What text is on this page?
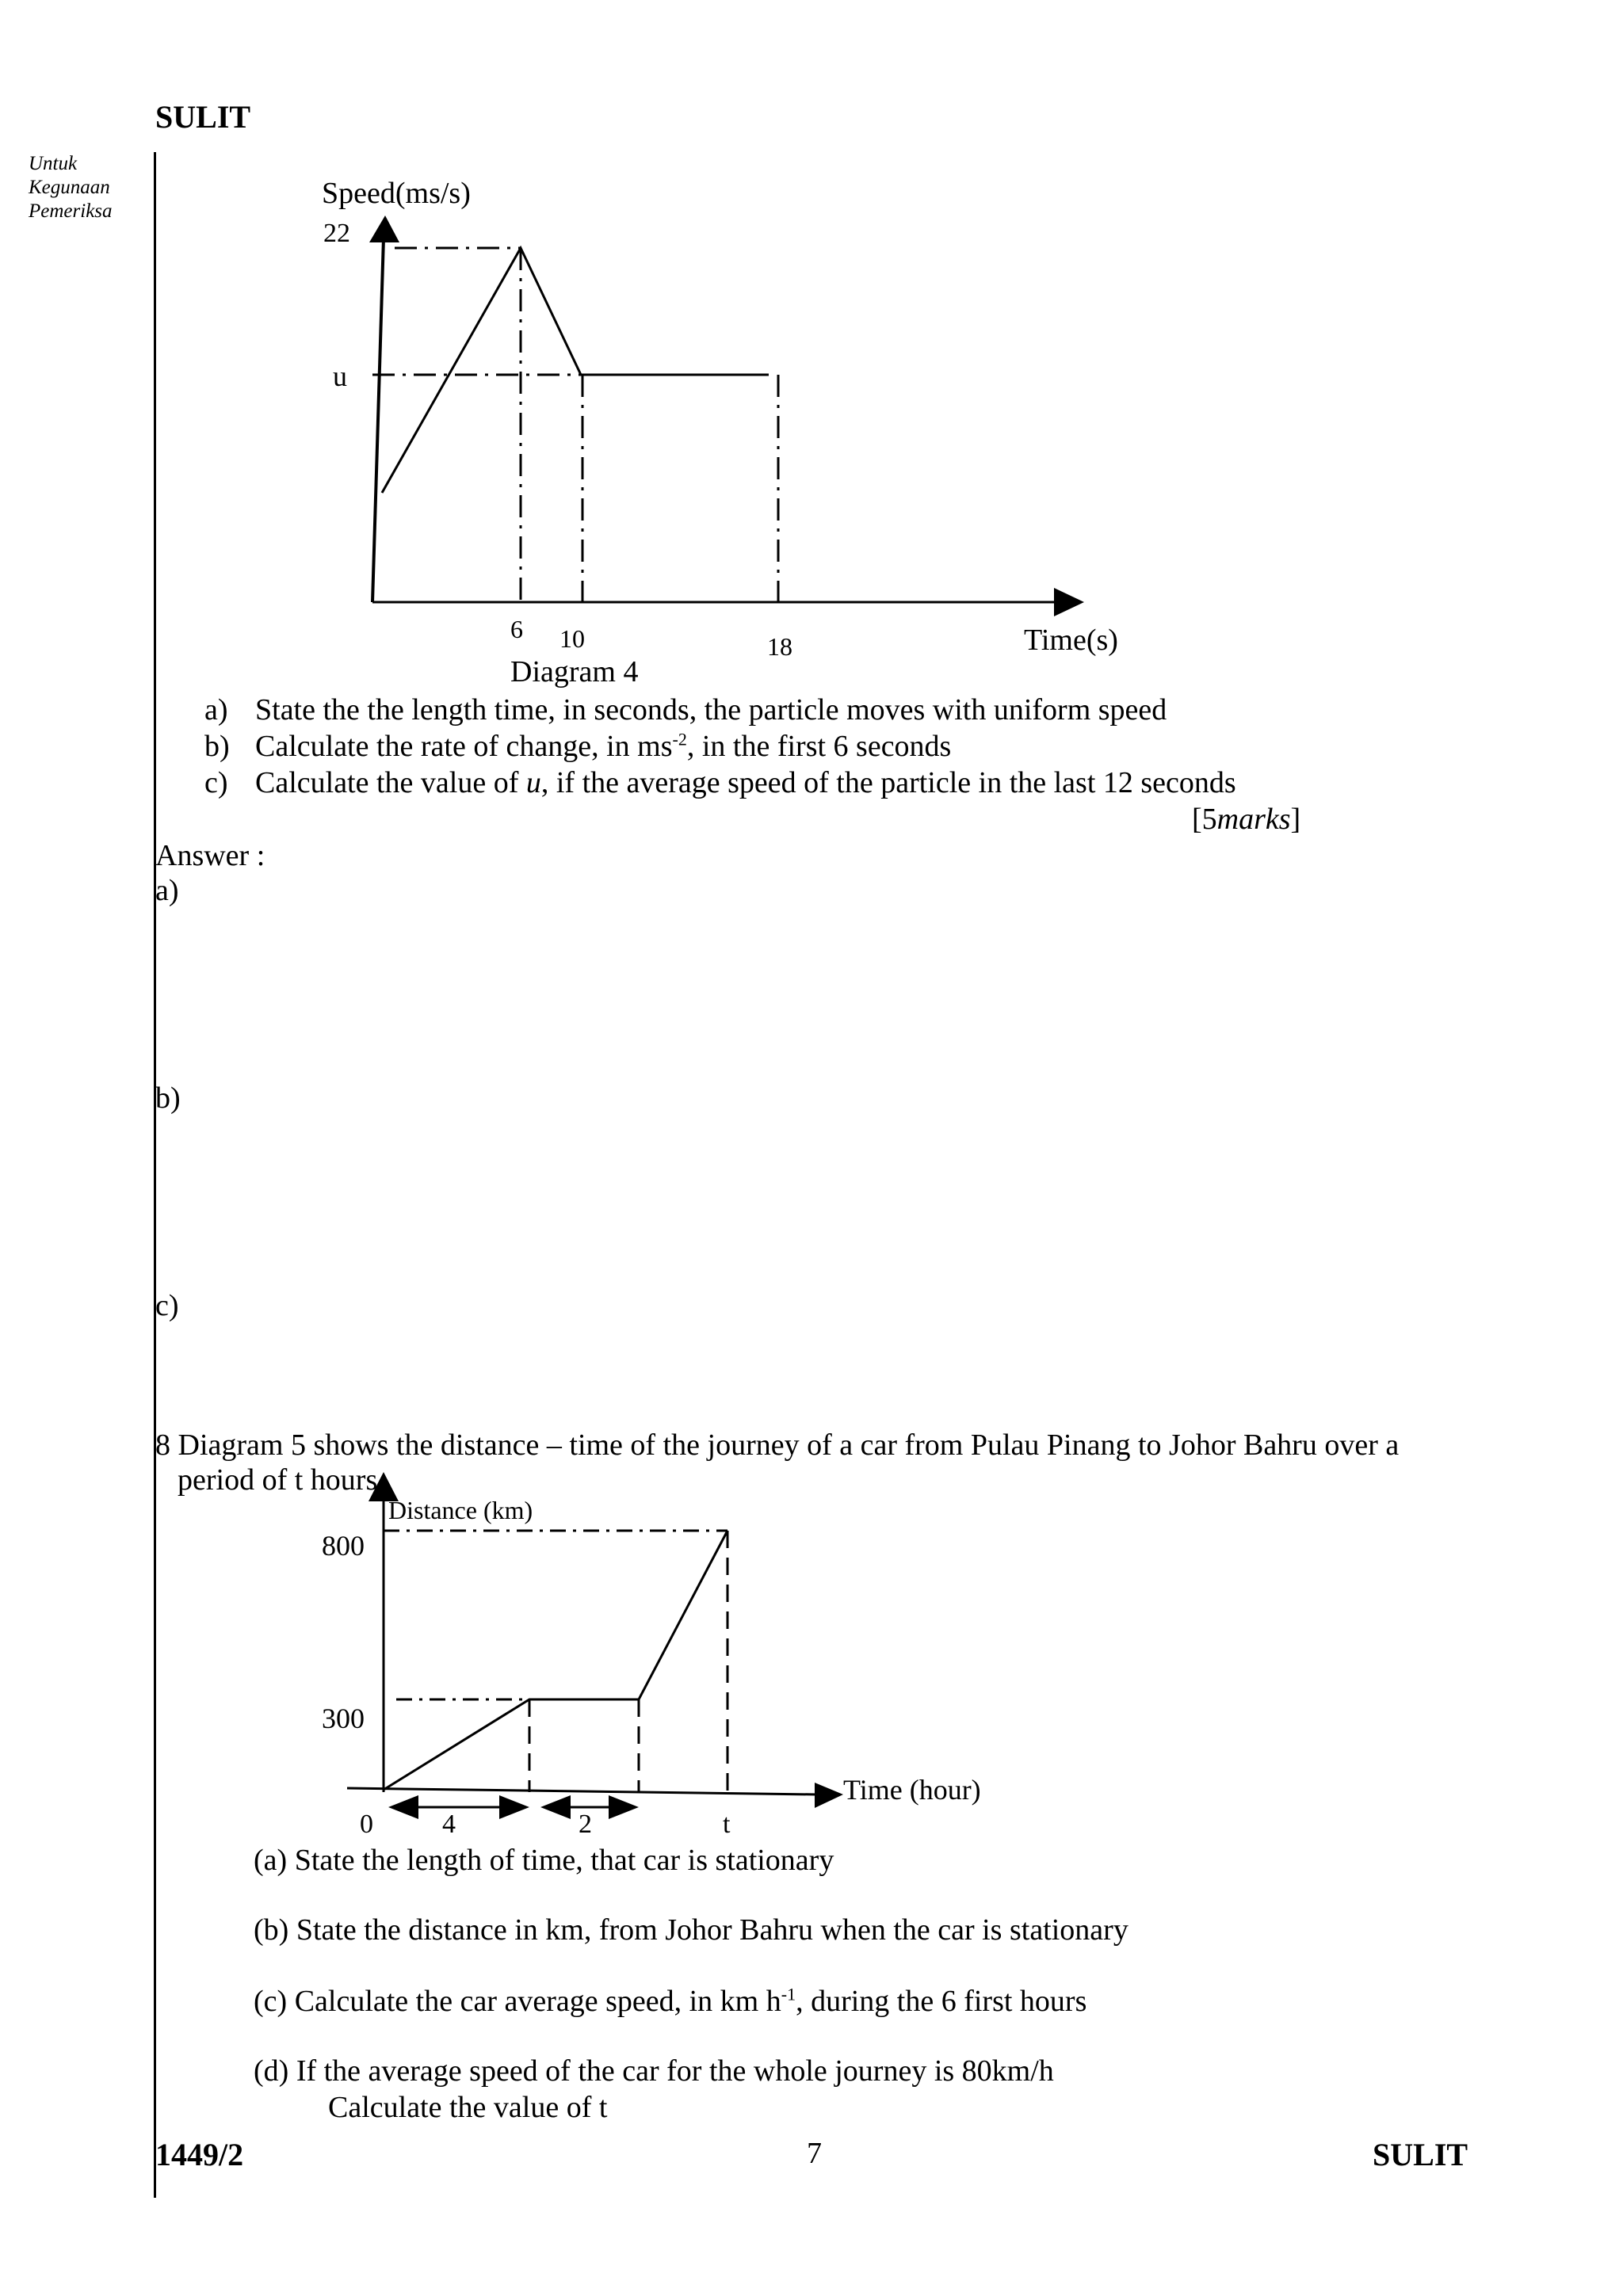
SULIT
Untuk
Kegunaan
Pemeriksa
Speed(ms/s)
22
u
6 10	18	Time(s)
Diagram 4
a) State the the length time, in seconds, the particle moves with uniform speed
b) Calculate the rate of change, in $ms^{-2}$, in the first 6 seconds
c) Calculate the value of u, if the average speed of the particle in the last 12 seconds
[5marks]
Answer :
a)
b)
c)
8 Diagram 5 shows the distance – time of the journey of a car from Pulau Pinang to Johor Bahru over a
period of t hours
Distance (km)
800
300
Time (hour)
0	4	2	t
(a) State the length of time, that car is stationary
(b) State the distance in km, from Johor Bahru when the car is stationary
(c) Calculate the car average speed, in km $h^{-1}$, during the 6 first hours
(d) If the average speed of the car for the whole journey is 80km/h
Calculate the value of t
1449/2	7	SULIT
